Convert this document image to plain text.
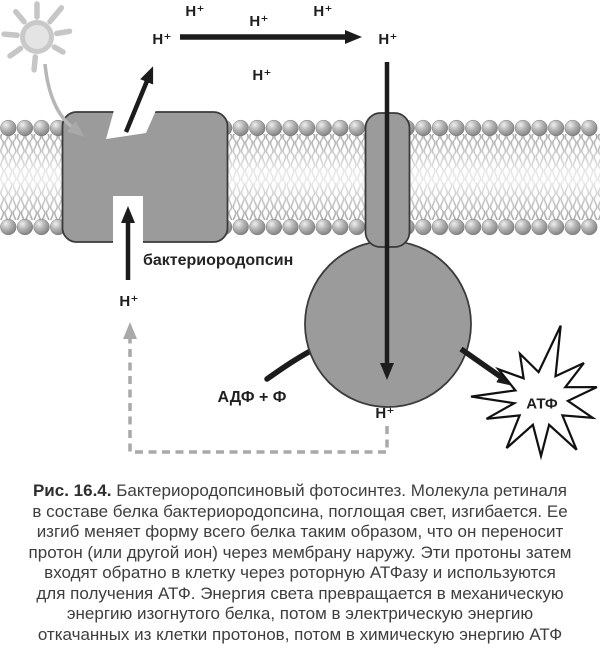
H⁺
H⁺
H⁺
H⁺	H⁺
H⁺
H⁺
H⁺
бактериородопсин
АДФ + Ф	АТФ
Рис. 16.4. Бактериородопсиновый фотосинтез. Молекула ретиналя
в составе белка бактериородопсина, поглощая свет, изгибается. Ее
изгиб меняет форму всего белка таким образом, что он переносит
протон (или другой ион) через мембрану наружу. Эти протоны затем
входят обратно в клетку через роторную АТФазу и используются
для получения АТФ. Энергия света превращается в механическую
энергию изогнутого белка, потом в электрическую энергию
откачанных из клетки протонов, потом в химическую энергию АТФ
